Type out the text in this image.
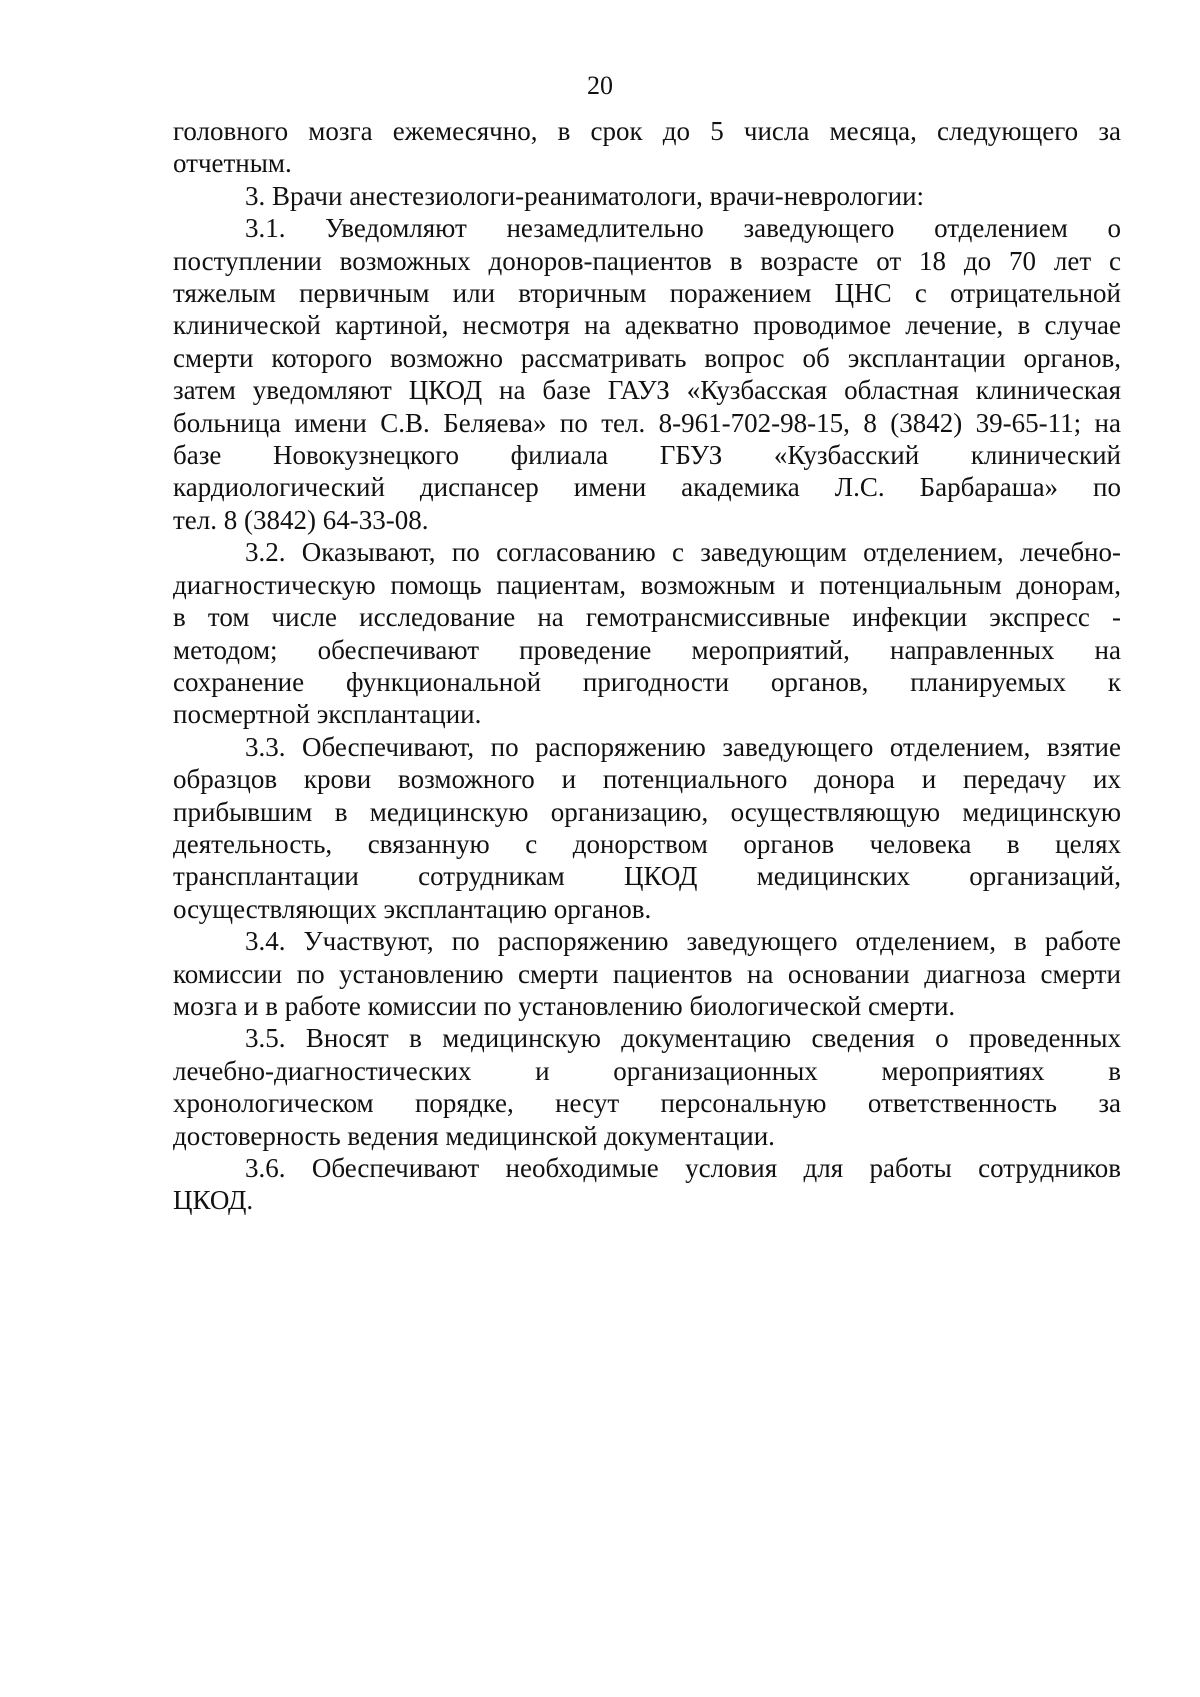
20
головного мозга ежемесячно, в срок до 5 числа месяца, следующего за
отчетным.
3. Врачи анестезиологи-реаниматологи, врачи-неврологии:
3.1. Уведомляют незамедлительно заведующего отделением о
поступлении возможных доноров-пациентов в возрасте от 18 до 70 лет с
тяжелым первичным или вторичным поражением ЦНС с отрицательной
клинической картиной, несмотря на адекватно проводимое лечение, в случае
смерти которого возможно рассматривать вопрос об эксплантации органов,
затем уведомляют ЦКОД на базе ГАУЗ «Кузбасская областная клиническая
больница имени С.В. Беляева» по тел. 8-961-702-98-15, 8 (3842) 39-65-11; на
базе Новокузнецкого филиала ГБУЗ «Кузбасский клинический
кардиологический диспансер имени академика Л.С. Барбараша» по
тел. 8 (3842) 64-33-08.
3.2. Оказывают, по согласованию с заведующим отделением, лечебно-
диагностическую помощь пациентам, возможным и потенциальным донорам,
в том числе исследование на гемотрансмиссивные инфекции экспресс -
методом; обеспечивают проведение мероприятий, направленных на
сохранение функциональной пригодности органов, планируемых к
посмертной эксплантации.
3.3. Обеспечивают, по распоряжению заведующего отделением, взятие
образцов крови возможного и потенциального донора и передачу их
прибывшим в медицинскую организацию, осуществляющую медицинскую
деятельность, связанную с донорством органов человека в целях
трансплантации сотрудникам ЦКОД медицинских организаций,
осуществляющих эксплантацию органов.
3.4. Участвуют, по распоряжению заведующего отделением, в работе
комиссии по установлению смерти пациентов на основании диагноза смерти
мозга и в работе комиссии по установлению биологической смерти.
3.5. Вносят в медицинскую документацию сведения о проведенных
лечебно-диагностических и организационных мероприятиях в
хронологическом порядке, несут персональную ответственность за
достоверность ведения медицинской документации.
3.6. Обеспечивают необходимые условия для работы сотрудников
ЦКОД.
